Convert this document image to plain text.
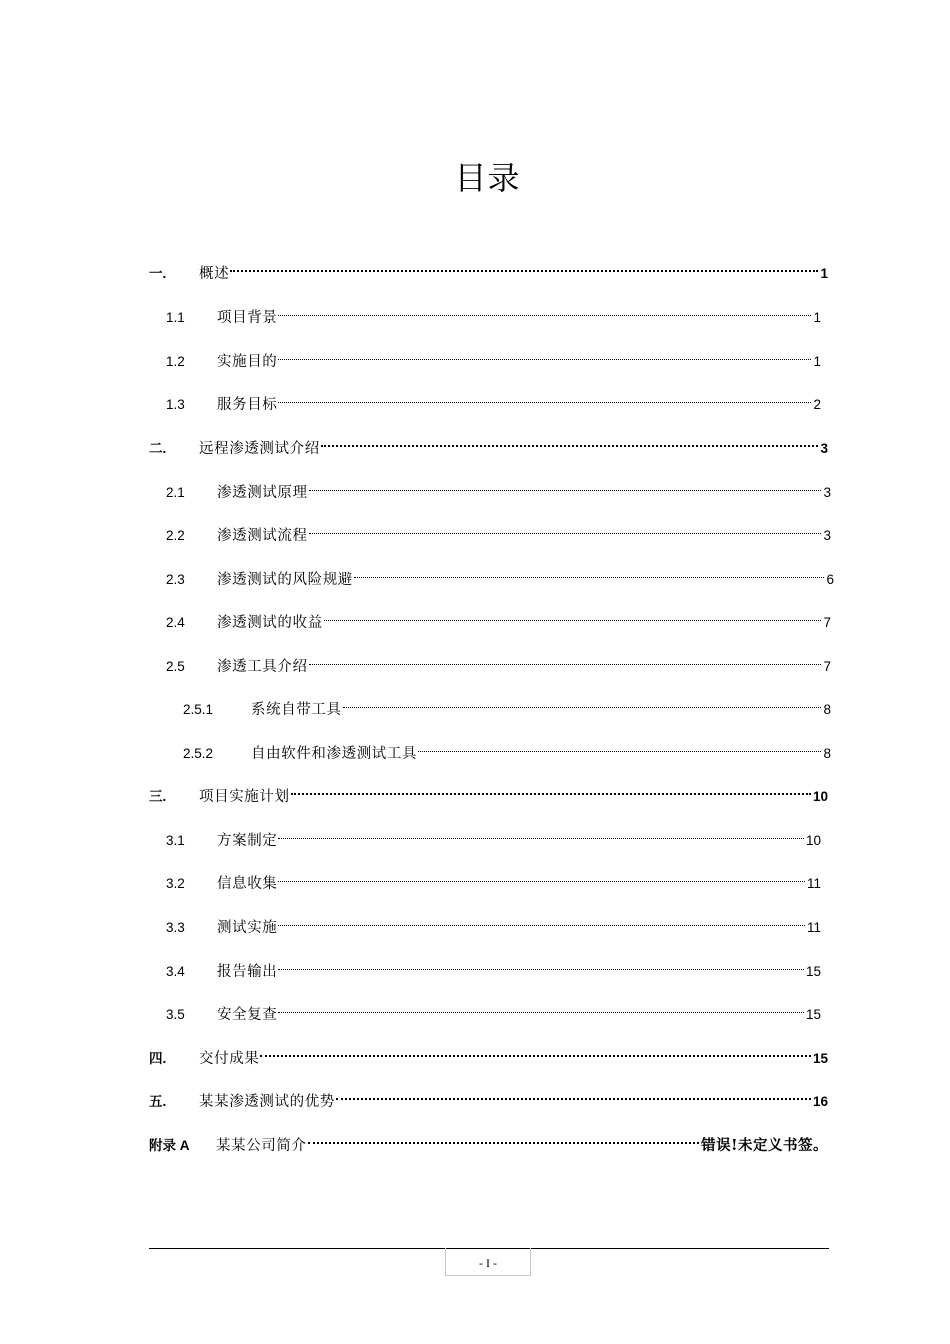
目录
一.	概述	1
1.1	项目背景	1
1.2	实施目的	1
1.3	服务目标	2
二.	远程渗透测试介绍	3
2.1	渗透测试原理	3
2.2	渗透测试流程	3
2.3	渗透测试的风险规避	6
2.4	渗透测试的收益	7
2.5	渗透工具介绍	7
2.5.1	系统自带工具	8
2.5.2	自由软件和渗透测试工具	8
三.	项目实施计划	10
3.1	方案制定	10
3.2	信息收集	11
3.3	测试实施	11
3.4	报告输出	15
3.5	安全复查	15
四.	交付成果	15
五.	某某渗透测试的优势	16
附录 A	某某公司简介	错误!未定义书签。
- I -
